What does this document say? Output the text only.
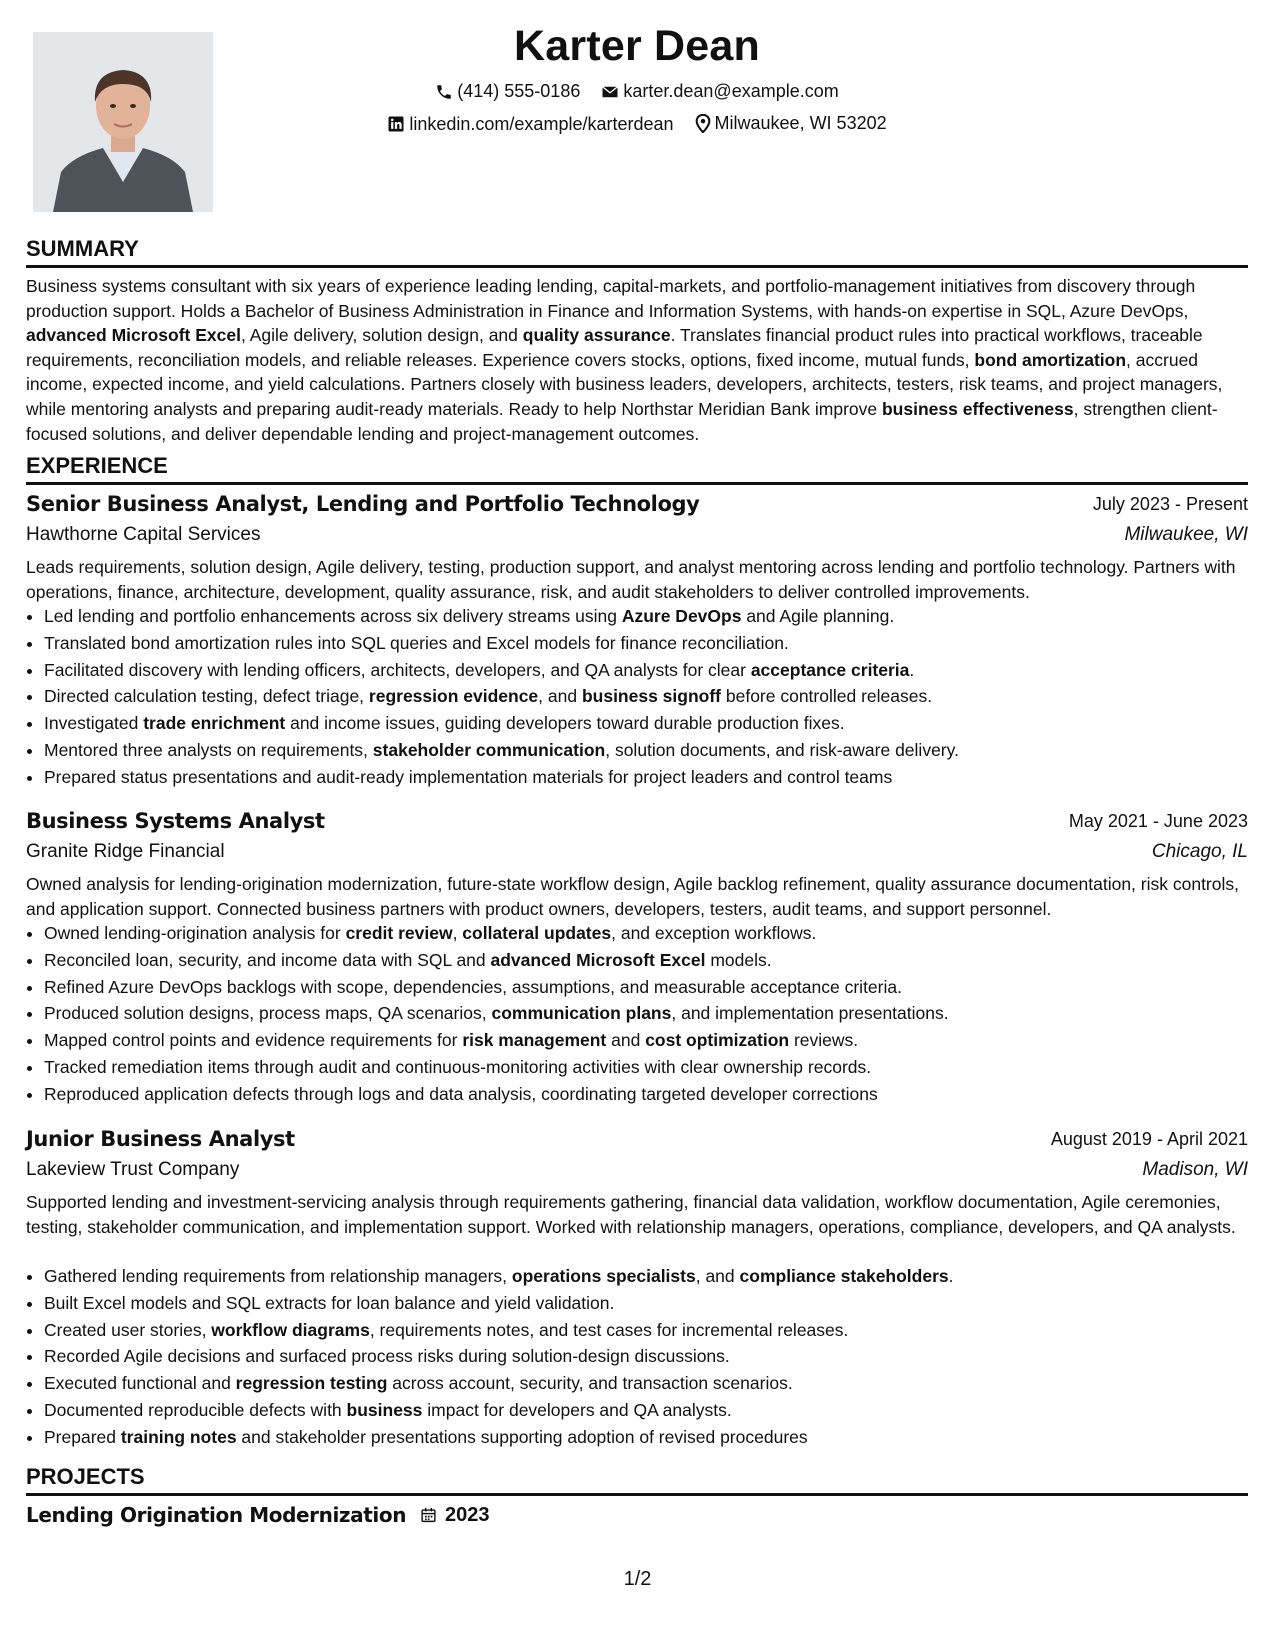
Karter Dean
(414) 555-0186
karter.dean@example.com
linkedin.com/example/karterdean
Milwaukee, WI 53202
SUMMARY

Business systems consultant with six years of experience leading lending, capital-markets, and portfolio-management initiatives from discovery through production support. Holds a Bachelor of Business Administration in Finance and Information Systems, with hands-on expertise in SQL, Azure DevOps, advanced Microsoft Excel, Agile delivery, solution design, and quality assurance. Translates financial product rules into practical workflows, traceable requirements, reconciliation models, and reliable releases. Experience covers stocks, options, fixed income, mutual funds, bond amortization, accrued income, expected income, and yield calculations. Partners closely with business leaders, developers, architects, testers, risk teams, and project managers, while mentoring analysts and preparing audit-ready materials. Ready to help Northstar Meridian Bank improve business effectiveness, strengthen client-focused solutions, and deliver dependable lending and project-management outcomes.

EXPERIENCE
Senior Business Analyst, Lending and Portfolio Technology	July 2023 - Present
Hawthorne Capital Services	Milwaukee, WI

Leads requirements, solution design, Agile delivery, testing, production support, and analyst mentoring across lending and portfolio technology. Partners with operations, finance, architecture, development, quality assurance, risk, and audit stakeholders to deliver controlled improvements.

• Led lending and portfolio enhancements across six delivery streams using Azure DevOps and Agile planning.
• Translated bond amortization rules into SQL queries and Excel models for finance reconciliation.
• Facilitated discovery with lending officers, architects, developers, and QA analysts for clear acceptance criteria.
• Directed calculation testing, defect triage, regression evidence, and business signoff before controlled releases.
• Investigated trade enrichment and income issues, guiding developers toward durable production fixes.
• Mentored three analysts on requirements, stakeholder communication, solution documents, and risk-aware delivery.
• Prepared status presentations and audit-ready implementation materials for project leaders and control teams
Business Systems Analyst	May 2021 - June 2023
Granite Ridge Financial	Chicago, IL

Owned analysis for lending-origination modernization, future-state workflow design, Agile backlog refinement, quality assurance documentation, risk controls, and application support. Connected business partners with product owners, developers, testers, audit teams, and support personnel.

• Owned lending-origination analysis for credit review, collateral updates, and exception workflows.
• Reconciled loan, security, and income data with SQL and advanced Microsoft Excel models.
• Refined Azure DevOps backlogs with scope, dependencies, assumptions, and measurable acceptance criteria.
• Produced solution designs, process maps, QA scenarios, communication plans, and implementation presentations.
• Mapped control points and evidence requirements for risk management and cost optimization reviews.
• Tracked remediation items through audit and continuous-monitoring activities with clear ownership records.
• Reproduced application defects through logs and data analysis, coordinating targeted developer corrections
Junior Business Analyst	August 2019 - April 2021
Lakeview Trust Company	Madison, WI

Supported lending and investment-servicing analysis through requirements gathering, financial data validation, workflow documentation, Agile ceremonies, testing, stakeholder communication, and implementation support. Worked with relationship managers, operations, compliance, developers, and QA analysts.

• Gathered lending requirements from relationship managers, operations specialists, and compliance stakeholders.
• Built Excel models and SQL extracts for loan balance and yield validation.
• Created user stories, workflow diagrams, requirements notes, and test cases for incremental releases.
• Recorded Agile decisions and surfaced process risks during solution-design discussions.
• Executed functional and regression testing across account, security, and transaction scenarios.
• Documented reproducible defects with business impact for developers and QA analysts.
• Prepared training notes and stakeholder presentations supporting adoption of revised procedures
PROJECTS
Lending Origination Modernization 2023
1/2
